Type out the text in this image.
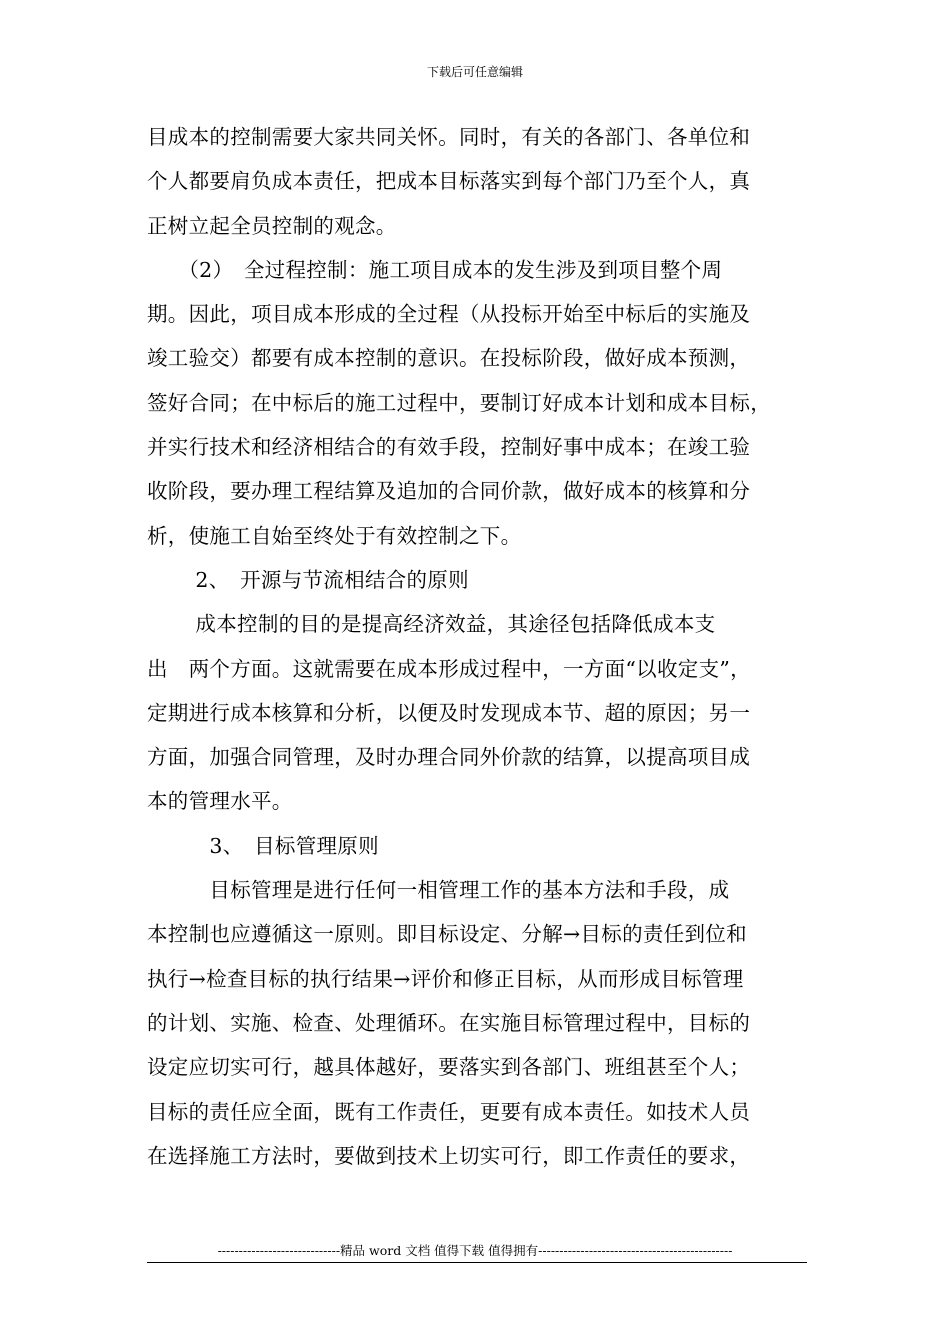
下载后可任意编辑
目成本的控制需要大家共同关怀。同时，有关的各部门、各单位和
个人都要肩负成本责任，把成本目标落实到每个部门乃至个人，真
正树立起全员控制的观念。
　　（2）　全过程控制：施工项目成本的发生涉及到项目整个周
期。因此，项目成本形成的全过程（从投标开始至中标后的实施及
竣工验交）都要有成本控制的意识。在投标阶段，做好成本预测，
签好合同；在中标后的施工过程中，要制订好成本计划和成本目标，
并实行技术和经济相结合的有效手段，控制好事中成本；在竣工验
收阶段，要办理工程结算及追加的合同价款，做好成本的核算和分
析，使施工自始至终处于有效控制之下。
　　 2、　开源与节流相结合的原则
　　 成本控制的目的是提高经济效益，其途径包括降低成本支
出　两个方面。这就需要在成本形成过程中，一方面“以收定支”，
定期进行成本核算和分析，以便及时发现成本节、超的原因；另一
方面，加强合同管理，及时办理合同外价款的结算，以提高项目成
本的管理水平。
　　　3、　目标管理原则
　　　目标管理是进行任何一相管理工作的基本方法和手段，成
本控制也应遵循这一原则。即目标设定、分解→目标的责任到位和
执行→检查目标的执行结果→评价和修正目标，从而形成目标管理
的计划、实施、检查、处理循环。在实施目标管理过程中，目标的
设定应切实可行，越具体越好，要落实到各部门、班组甚至个人；
目标的责任应全面，既有工作责任，更要有成本责任。如技术人员
在选择施工方法时，要做到技术上切实可行，即工作责任的要求，
-----------------------------精品 word 文档 值得下载 值得拥有----------------------------------------------
